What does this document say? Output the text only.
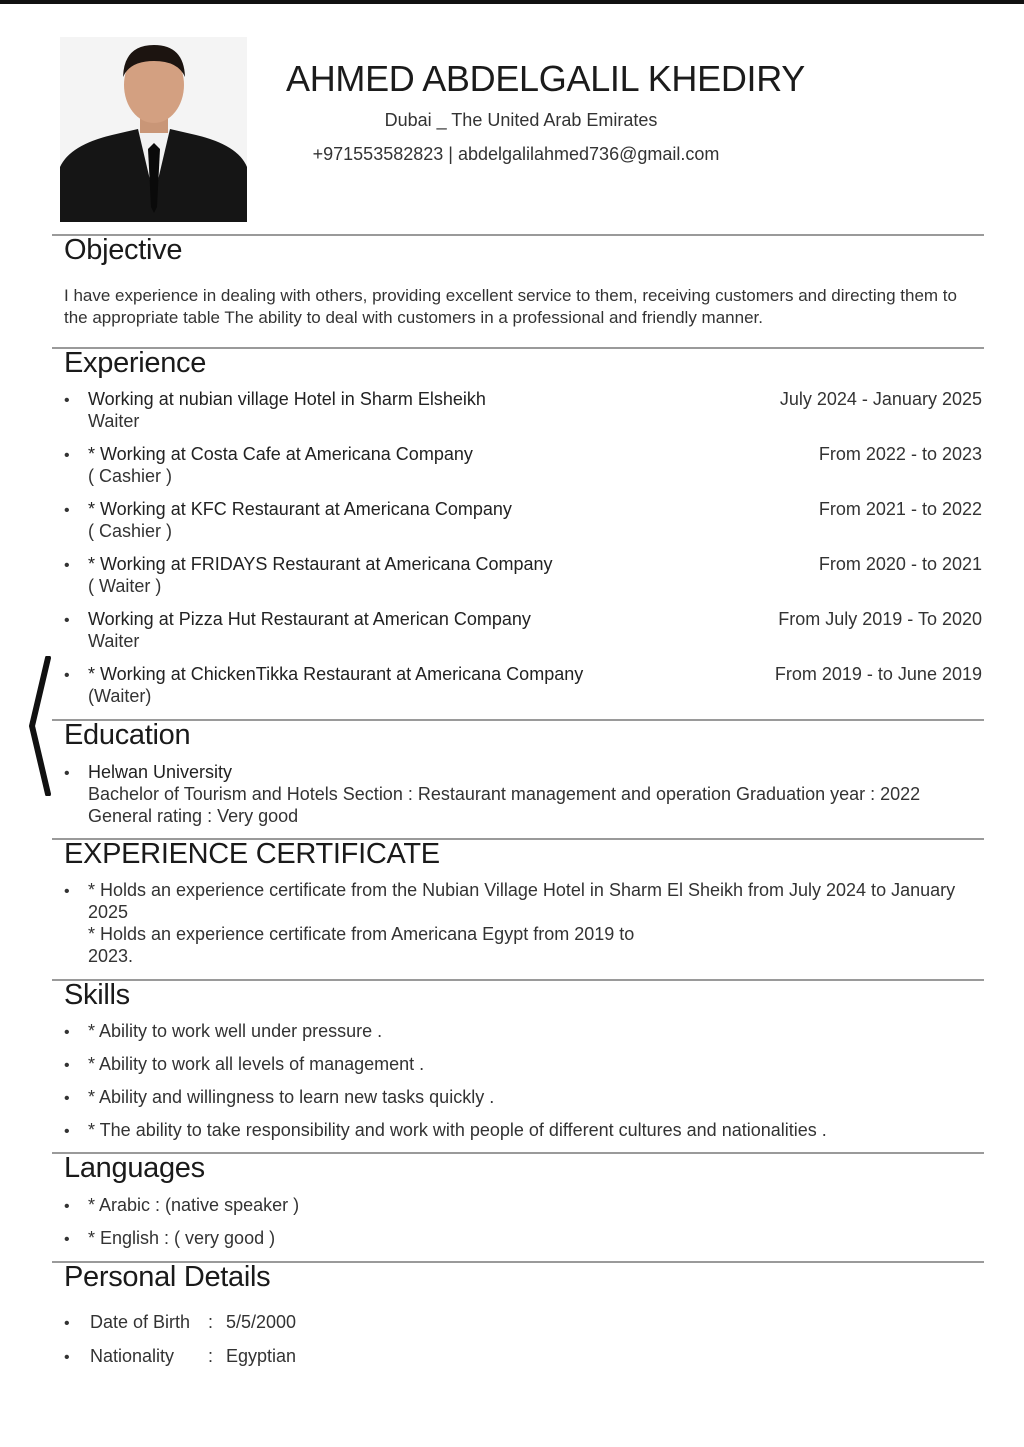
AHMED ABDELGALIL KHEDIRY
Dubai _ The United Arab Emirates
+971553582823 | abdelgalilahmed736@gmail.com
Objective
I have experience in dealing with others, providing excellent service to them, receiving customers and directing them to the appropriate table The ability to deal with customers in a professional and friendly manner.
Experience
• Working at nubian village Hotel in Sharm Elsheikh
Waiter
July 2024 - January 2025
• * Working at Costa Cafe at Americana Company
( Cashier )
From 2022 - to 2023
• * Working at KFC Restaurant at Americana Company
( Cashier )
From 2021 - to 2022
• * Working at FRIDAYS Restaurant at Americana Company
( Waiter )
From 2020 - to 2021
• Working at Pizza Hut Restaurant at American Company
Waiter
From July 2019 - To 2020
• * Working at ChickenTikka Restaurant at Americana Company
(Waiter)
From 2019 - to June 2019
Education
• Helwan University
Bachelor of Tourism and Hotels Section : Restaurant management and operation Graduation year : 2022
General rating : Very good
EXPERIENCE CERTIFICATE
• * Holds an experience certificate from the Nubian Village Hotel in Sharm El Sheikh from July 2024 to January
2025
* Holds an experience certificate from Americana Egypt from 2019 to
2023.
Skills
• * Ability to work well under pressure .
• * Ability to work all levels of management .
• * Ability and willingness to learn new tasks quickly .
• * The ability to take responsibility and work with people of different cultures and nationalities .
Languages
• * Arabic : (native speaker )
• * English : ( very good )
Personal Details
• Date of Birth : 5/5/2000
• Nationality : Egyptian
